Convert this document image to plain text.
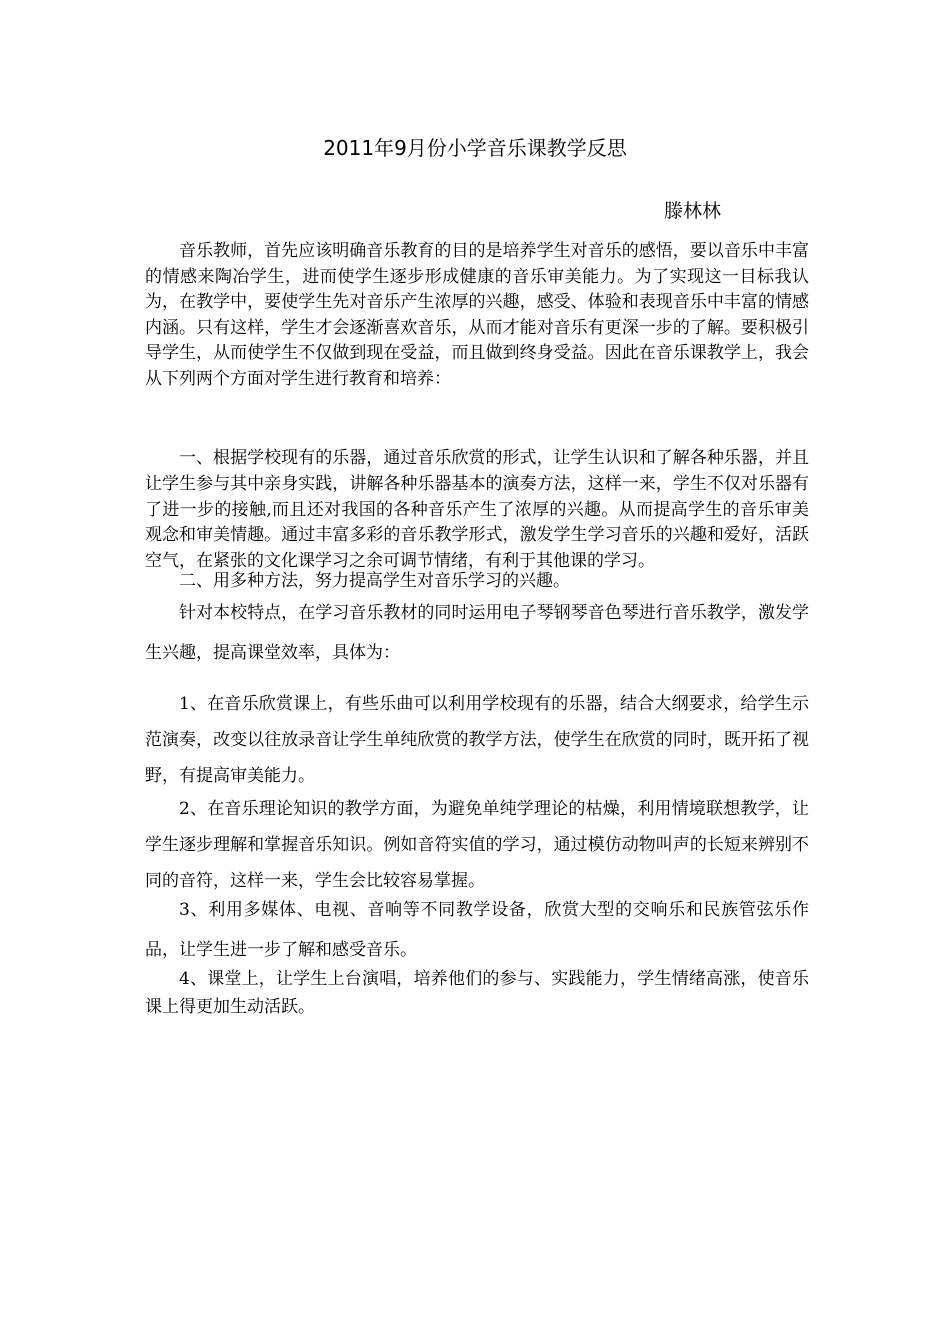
2011年9月份小学音乐课教学反思
滕林林

音乐教师，首先应该明确音乐教育的目的是培养学生对音乐的感悟，要以音乐中丰富的情感来陶冶学生，进而使学生逐步形成健康的音乐审美能力。为了实现这一目标我认为，在教学中，要使学生先对音乐产生浓厚的兴趣，感受、体验和表现音乐中丰富的情感内涵。只有这样，学生才会逐渐喜欢音乐，从而才能对音乐有更深一步的了解。要积极引导学生，从而使学生不仅做到现在受益，而且做到终身受益。因此在音乐课教学上，我会从下列两个方面对学生进行教育和培养：

一、根据学校现有的乐器，通过音乐欣赏的形式，让学生认识和了解各种乐器，并且让学生参与其中亲身实践，讲解各种乐器基本的演奏方法，这样一来，学生不仅对乐器有了进一步的接触,而且还对我国的各种音乐产生了浓厚的兴趣。从而提高学生的音乐审美观念和审美情趣。通过丰富多彩的音乐教学形式，激发学生学习音乐的兴趣和爱好，活跃空气，在紧张的文化课学习之余可调节情绪，有利于其他课的学习。

二、用多种方法，努力提高学生对音乐学习的兴趣。

针对本校特点，在学习音乐教材的同时运用电子琴钢琴音色琴进行音乐教学，激发学生兴趣，提高课堂效率，具体为：

1、在音乐欣赏课上，有些乐曲可以利用学校现有的乐器，结合大纲要求，给学生示范演奏，改变以往放录音让学生单纯欣赏的教学方法，使学生在欣赏的同时，既开拓了视野，有提高审美能力。

2、在音乐理论知识的教学方面，为避免单纯学理论的枯燥，利用情境联想教学，让学生逐步理解和掌握音乐知识。例如音符实值的学习，通过模仿动物叫声的长短来辨别不同的音符，这样一来，学生会比较容易掌握。

3、利用多媒体、电视、音响等不同教学设备，欣赏大型的交响乐和民族管弦乐作品，让学生进一步了解和感受音乐。

4、课堂上，让学生上台演唱，培养他们的参与、实践能力，学生情绪高涨，使音乐课上得更加生动活跃。
